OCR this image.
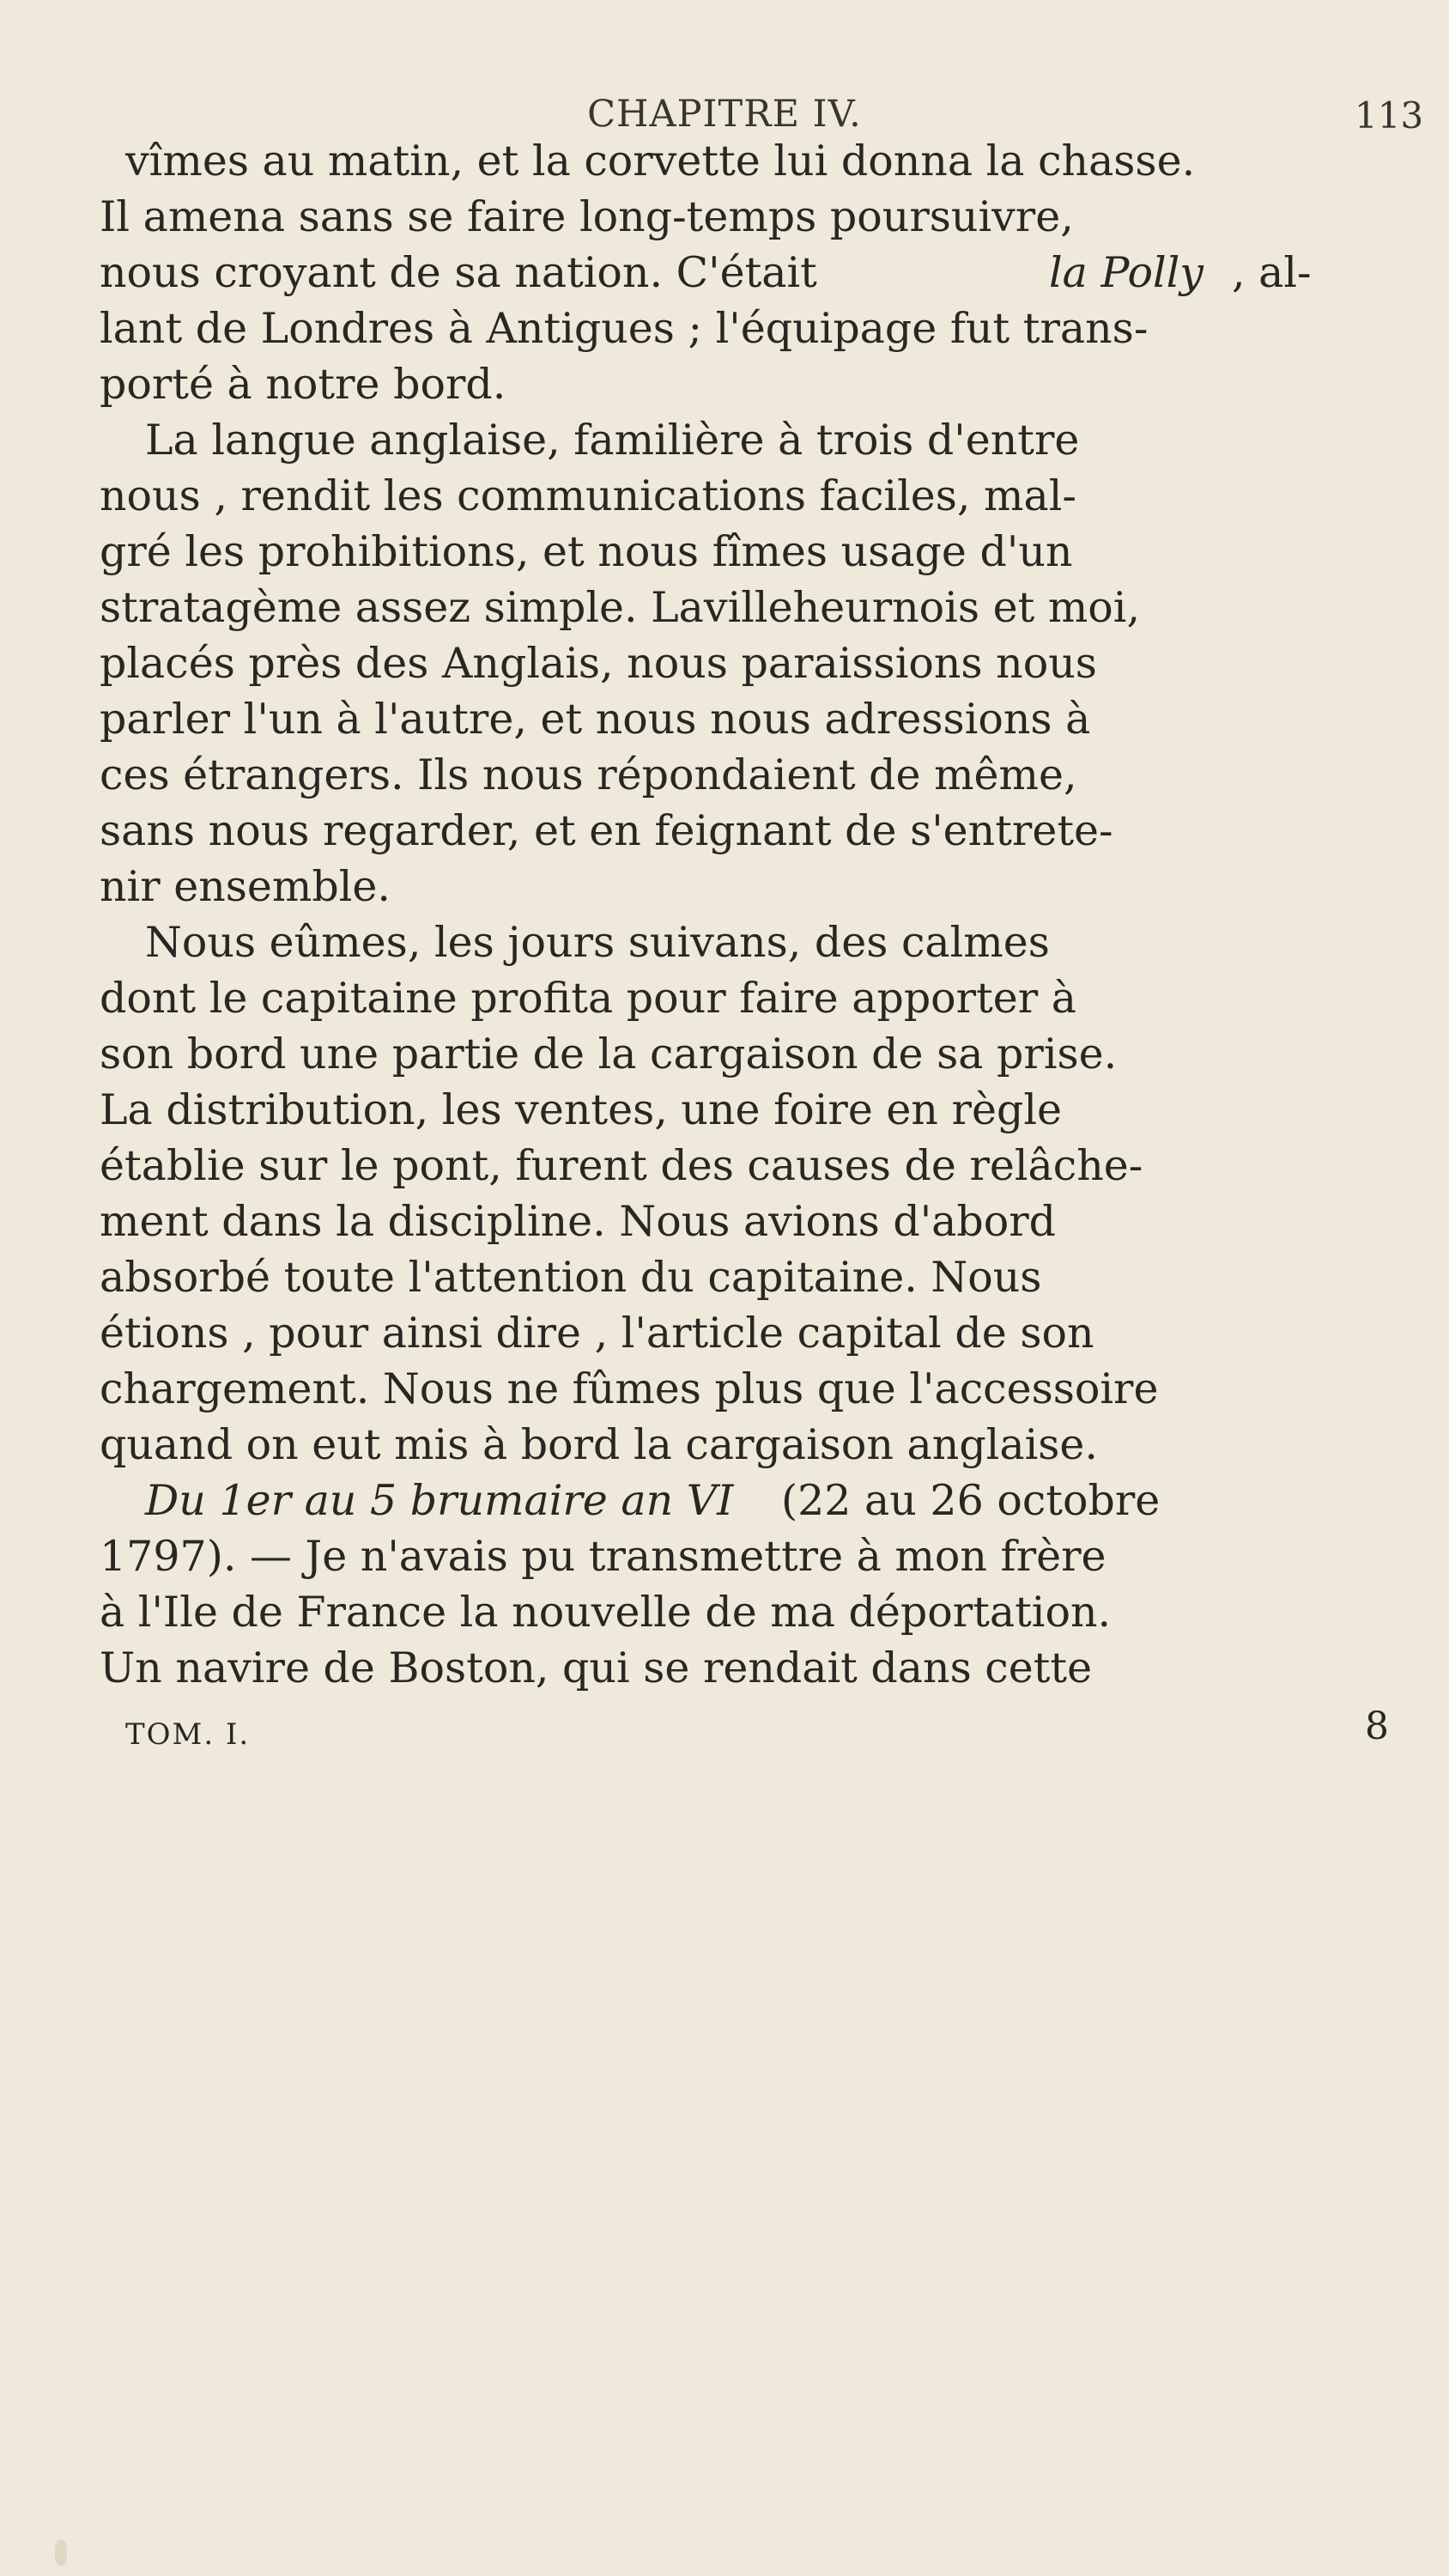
CHAPITRE IV.	113
vîmes au matin, et la corvette lui donna la chasse.
Il amena sans se faire long-temps poursuivre,
nous croyant de sa nation. C'était	la Polly , al-
lant de Londres à Antigues ; l'équipage fut trans-
porté à notre bord.
La langue anglaise, familière à trois d'entre
nous , rendit les communications faciles, mal-
gré les prohibitions, et nous fîmes usage d'un
stratagème assez simple. Lavilleheurnois et moi,
placés près des Anglais, nous paraissions nous
parler l'un à l'autre, et nous nous adressions à
ces étrangers. Ils nous répondaient de même,
sans nous regarder, et en feignant de s'entrete-
nir ensemble.
Nous eûmes, les jours suivans, des calmes
dont le capitaine profita pour faire apporter à
son bord une partie de la cargaison de sa prise.
La distribution, les ventes, une foire en règle
établie sur le pont, furent des causes de relâche-
ment dans la discipline. Nous avions d'abord
absorbé toute l'attention du capitaine. Nous
étions , pour ainsi dire , l'article capital de son
chargement. Nous ne fûmes plus que l'accessoire
quand on eut mis à bord la cargaison anglaise.
Du 1er au 5 brumaire an VI (22 au 26 octobre
1797). — Je n'avais pu transmettre à mon frère
à l'Ile de France la nouvelle de ma déportation.
Un navire de Boston, qui se rendait dans cette
TOM. I.	8
